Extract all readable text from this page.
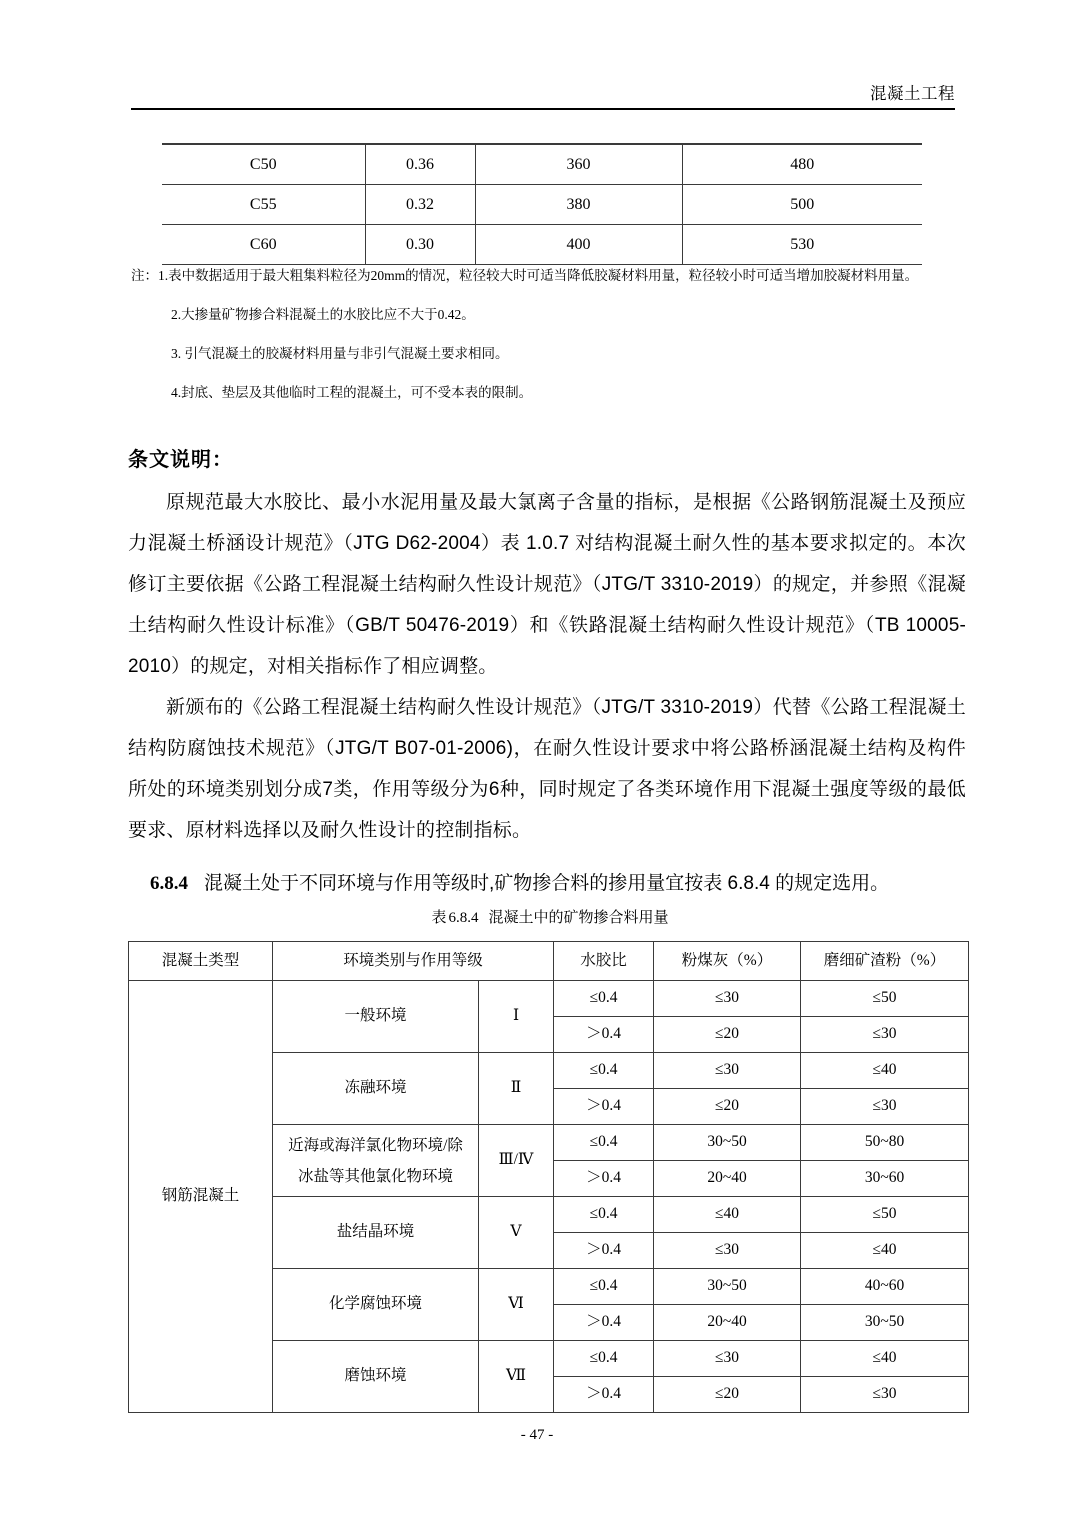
混凝土工程
C50	0.36	360	480
C55	0.32	380	500
C60	0.30	400	530
注：1.表中数据适用于最大粗集料粒径为20mm的情况，粒径较大时可适当降低胶凝材料用量，粒径较小时可适当增加胶凝材料用量。
2.大掺量矿物掺合料混凝土的水胶比应不大于0.42。
3. 引气混凝土的胶凝材料用量与非引气混凝土要求相同。
4.封底、垫层及其他临时工程的混凝土，可不受本表的限制。
条文说明：

原规范最大水胶比、最小水泥用量及最大氯离子含量的指标，是根据《公路钢筋混凝土及预应力混凝土桥涵设计规范》（JTG D62-2004）表 1.0.7 对结构混凝土耐久性的基本要求拟定的。本次修订主要依据《公路工程混凝土结构耐久性设计规范》（JTG/T 3310-2019）的规定，并参照《混凝土结构耐久性设计标准》（GB/T 50476-2019）和《铁路混凝土结构耐久性设计规范》（TB 10005-2010）的规定，对相关指标作了相应调整。

新颁布的《公路工程混凝土结构耐久性设计规范》（JTG/T 3310-2019）代替《公路工程混凝土结构防腐蚀技术规范》（JTG/T B07-01-2006)，在耐久性设计要求中将公路桥涵混凝土结构及构件所处的环境类别划分成7类，作用等级分为6种，同时规定了各类环境作用下混凝土强度等级的最低要求、原材料选择以及耐久性设计的控制指标。

6.8.4 混凝土处于不同环境与作用等级时,矿物掺合料的掺用量宜按表 6.8.4 的规定选用。
表 6.8.4 混凝土中的矿物掺合料用量
混凝土类型	环境类别与作用等级		水胶比	粉煤灰（%）	磨细矿渣粉（%）
钢筋混凝土	一般环境	Ⅰ	≤0.4	≤30	≤50
			＞0.4	≤20	≤30
	冻融环境	Ⅱ	≤0.4	≤30	≤40
			＞0.4	≤20	≤30

	近海或海洋氯化物环境/除
冰盐等其他氯化物环境	Ⅲ/Ⅳ	≤0.4	30~50	50~80
			＞0.4	20~40	30~60
	盐结晶环境	Ⅴ	≤0.4	≤40	≤50
			＞0.4	≤30	≤40
	化学腐蚀环境	Ⅵ	≤0.4	30~50	40~60
			＞0.4	20~40	30~50
	磨蚀环境	Ⅶ	≤0.4	≤30	≤40
			＞0.4	≤20	≤30
- 47 -
